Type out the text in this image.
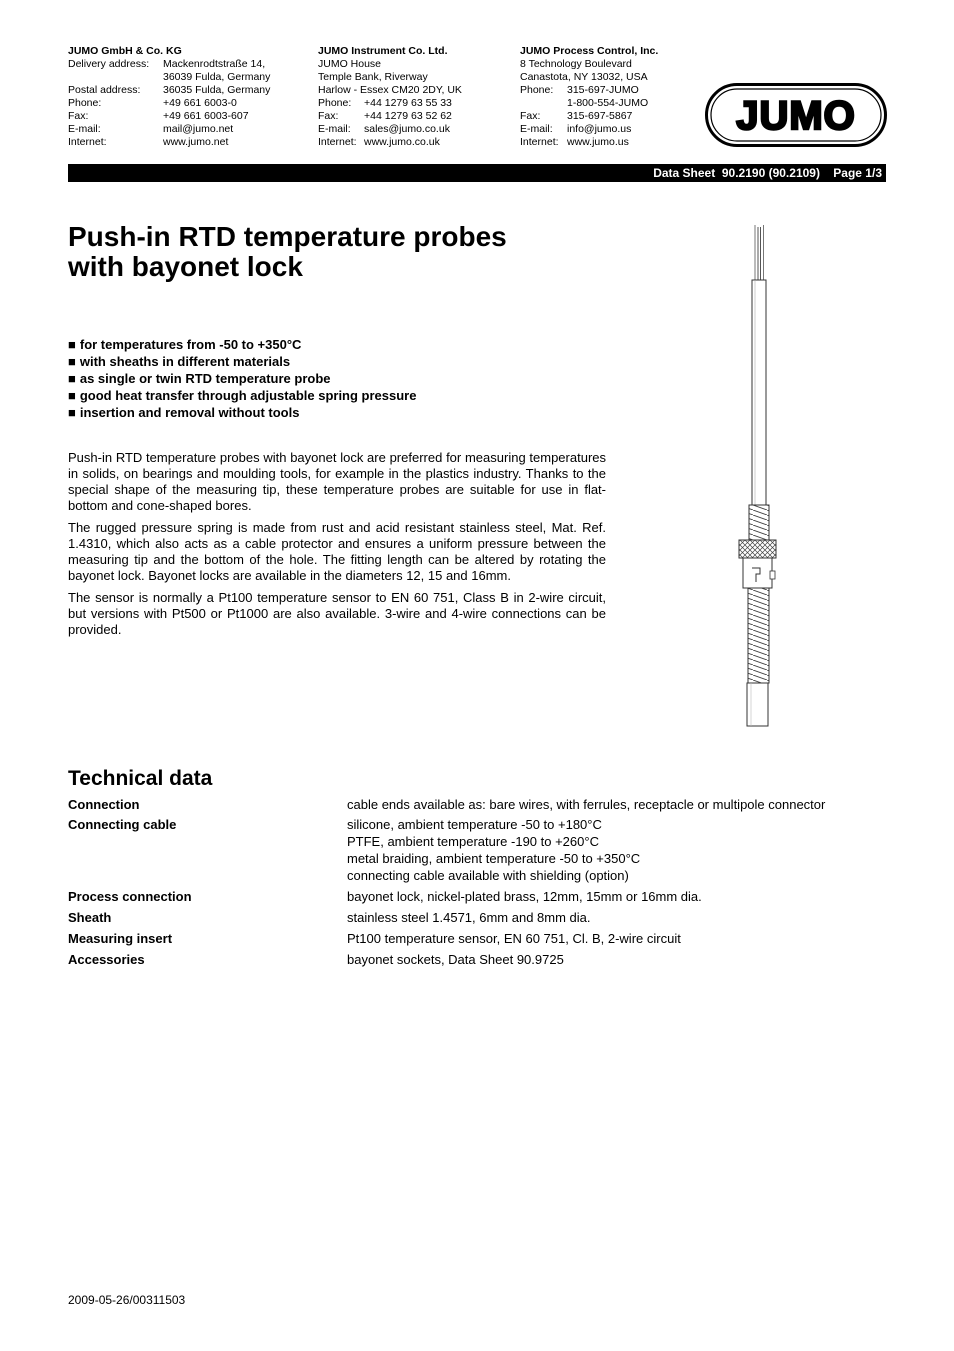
JUMO GmbH & Co. KG
Delivery address:	Mackenrodtstraße 14,
	36039 Fulda, Germany
Postal address:	36035 Fulda, Germany
Phone:	+49 661 6003-0
Fax:	+49 661 6003-607
E-mail:	mail@jumo.net
Internet:	www.jumo.net
JUMO Instrument Co. Ltd.
JUMO House	
Temple Bank, Riverway	
Harlow - Essex CM20 2DY, UK	
Phone:	+44 1279 63 55 33
Fax:	+44 1279 63 52 62
E-mail:	sales@jumo.co.uk
Internet:	www.jumo.co.uk
JUMO Process Control, Inc.
8 Technology Boulevard	
Canastota, NY 13032, USA	
Phone:	315-697-JUMO
	1-800-554-JUMO
Fax:	315-697-5867
E-mail:	info@jumo.us
Internet:	www.jumo.us
JUMO
Data Sheet  90.2190 (90.2109)    Page 1/3
Push-in RTD temperature probes
with bayonet lock
■ for temperatures from -50 to +350°C
■ with sheaths in different materials
■ as single or twin RTD temperature probe
■ good heat transfer through adjustable spring pressure
■ insertion and removal without tools

Push-in RTD temperature probes with bayonet lock are preferred for measuring temperatures in solids, on bearings and moulding tools, for example in the plastics industry. Thanks to the special shape of the measuring tip, these temperature probes are suitable for use in flat-bottom and cone-shaped bores.

The rugged pressure spring is made from rust and acid resistant stainless steel, Mat. Ref. 1.4310, which also acts as a cable protector and ensures a uniform pressure between the measuring tip and the bottom of the hole. The fitting length can be altered by rotating the bayonet lock. Bayonet locks are available in the diameters 12, 15 and 16mm.

The sensor is normally a Pt100 temperature sensor to EN 60 751, Class B in 2-wire circuit, but versions with Pt500 or Pt1000 are also available. 3-wire and 4-wire connections can be provided.

Technical data
Connection	cable ends available as: bare wires, with ferrules, receptacle or multipole connector
Connecting cable	silicone, ambient temperature -50 to +180°C
PTFE, ambient temperature -190 to +260°C
metal braiding, ambient temperature -50 to +350°C
connecting cable available with shielding (option)
Process connection	bayonet lock, nickel-plated brass, 12mm, 15mm or 16mm dia.
Sheath	stainless steel 1.4571, 6mm and 8mm dia.
Measuring insert	Pt100 temperature sensor, EN 60 751, Cl. B, 2-wire circuit
Accessories	bayonet sockets, Data Sheet 90.9725
2009-05-26/00311503
